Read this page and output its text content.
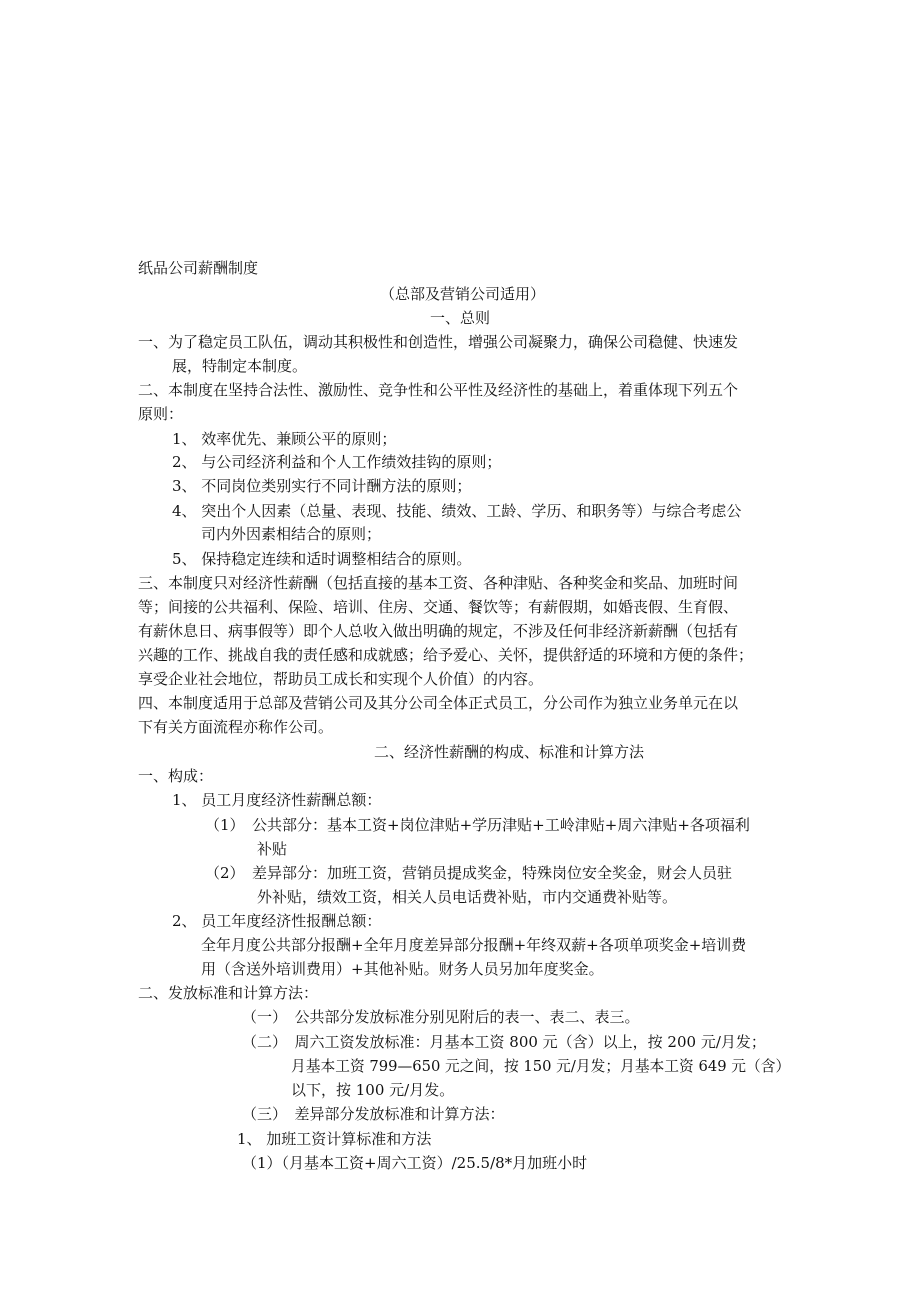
纸品公司薪酬制度
（总部及营销公司适用）
一、总则
一、为了稳定员工队伍，调动其积极性和创造性，增强公司凝聚力，确保公司稳健、快速发
展，特制定本制度。
二、本制度在坚持合法性、激励性、竞争性和公平性及经济性的基础上，着重体现下列五个
原则：
1、 效率优先、兼顾公平的原则；
2、 与公司经济利益和个人工作绩效挂钩的原则；
3、 不同岗位类别实行不同计酬方法的原则；
4、 突出个人因素（总量、表现、技能、绩效、工龄、学历、和职务等）与综合考虑公
司内外因素相结合的原则；
5、 保持稳定连续和适时调整相结合的原则。
三、本制度只对经济性薪酬（包括直接的基本工资、各种津贴、各种奖金和奖品、加班时间
等；间接的公共福利、保险、培训、住房、交通、餐饮等；有薪假期，如婚丧假、生育假、
有薪休息日、病事假等）即个人总收入做出明确的规定，不涉及任何非经济新薪酬（包括有
兴趣的工作、挑战自我的责任感和成就感；给予爱心、关怀，提供舒适的环境和方便的条件；
享受企业社会地位，帮助员工成长和实现个人价值）的内容。
四、本制度适用于总部及营销公司及其分公司全体正式员工，分公司作为独立业务单元在以
下有关方面流程亦称作公司。
二、经济性薪酬的构成、标准和计算方法
一、构成：
1、 员工月度经济性薪酬总额：
（1）　公共部分：基本工资+岗位津贴+学历津贴+工岭津贴+周六津贴+各项福利
补贴
（2）　差异部分：加班工资，营销员提成奖金，特殊岗位安全奖金，财会人员驻
外补贴，绩效工资，相关人员电话费补贴，市内交通费补贴等。
2、 员工年度经济性报酬总额：
全年月度公共部分报酬+全年月度差异部分报酬+年终双薪+各项单项奖金+培训费
用（含送外培训费用）+其他补贴。财务人员另加年度奖金。
二、发放标准和计算方法：
（一）　公共部分发放标准分别见附后的表一、表二、表三。
（二）　周六工资发放标准：月基本工资 800 元（含）以上，按 200 元/月发；
月基本工资 799—650 元之间，按 150 元/月发；月基本工资 649 元（含）
以下，按 100 元/月发。
（三）　差异部分发放标准和计算方法：
1、 加班工资计算标准和方法
（1）（月基本工资+周六工资）/25.5/8*月加班小时
